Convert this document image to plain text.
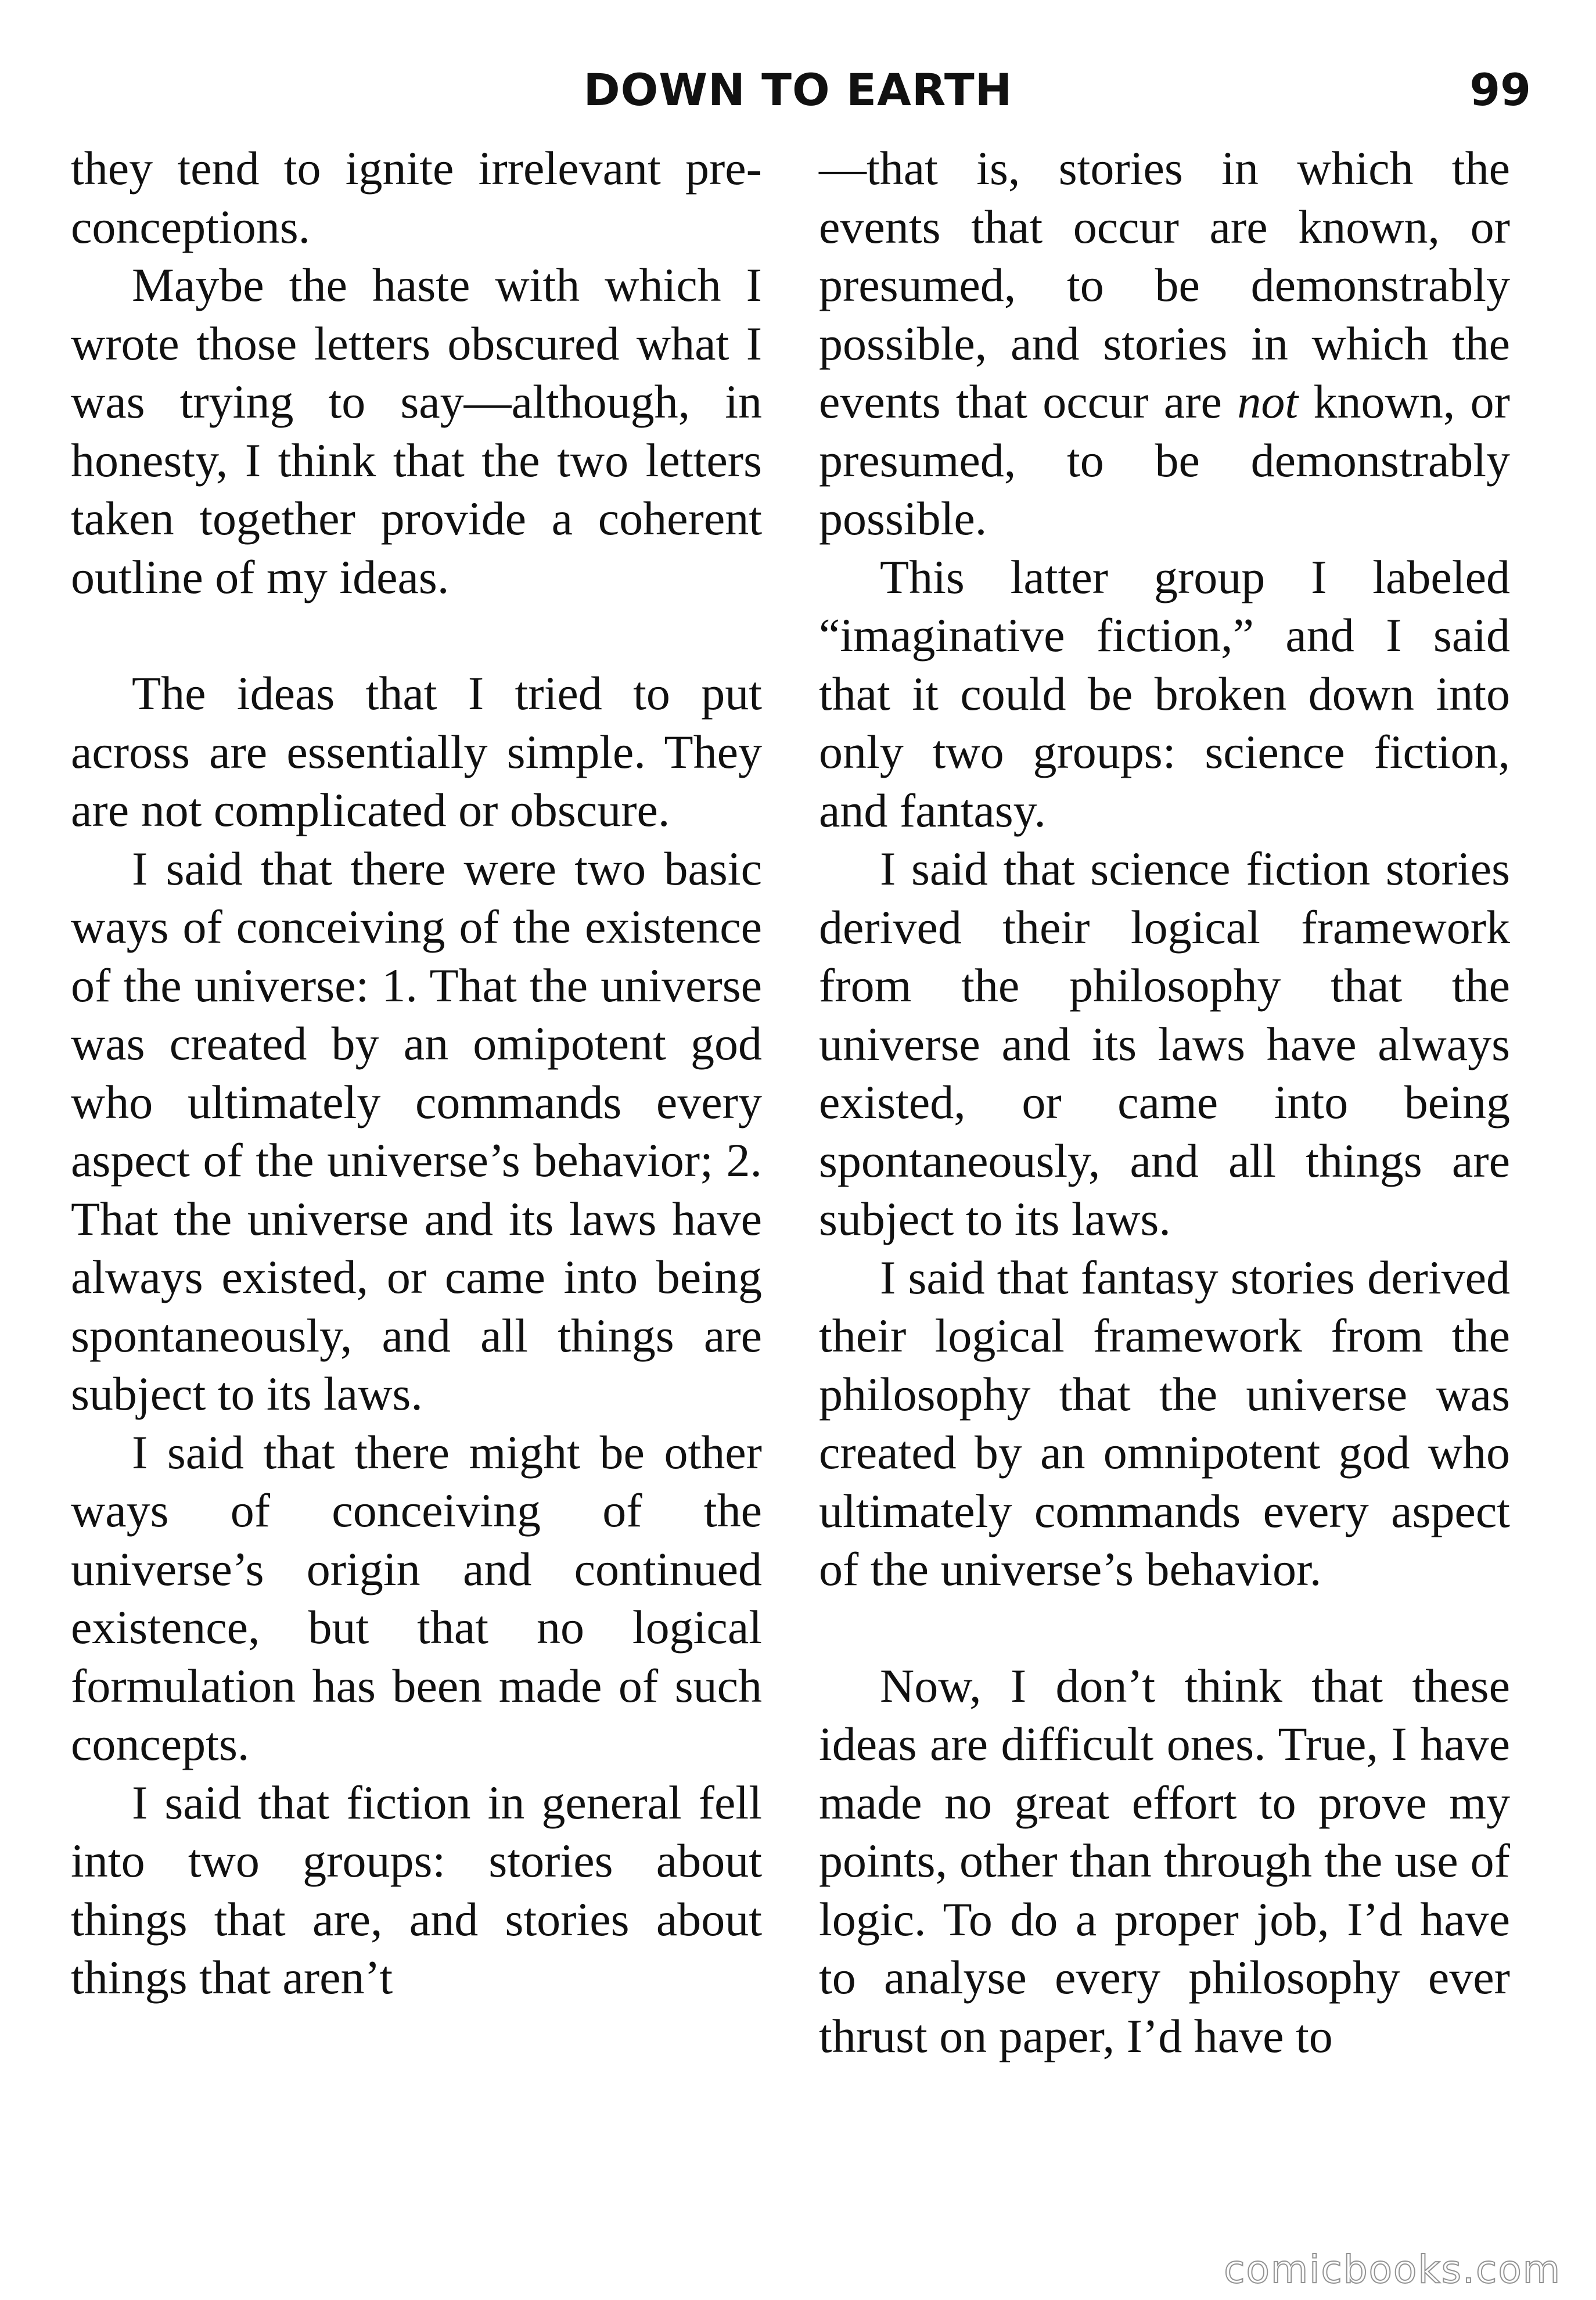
DOWN TO EARTH	99

they tend to ignite irrelevant pre-conceptions.

Maybe the haste with which I wrote those letters obscured what I was trying to say—although, in honesty, I think that the two letters taken together provide a coherent outline of my ideas.

The ideas that I tried to put across are essentially simple. They are not complicated or obscure.

I said that there were two basic ways of conceiving of the existence of the universe: 1. That the universe was created by an omipotent god who ultimately commands every aspect of the universe’s behavior; 2. That the universe and its laws have always existed, or came into being spontaneously, and all things are subject to its laws.

I said that there might be other ways of conceiving of the universe’s origin and continued existence, but that no logical formulation has been made of such concepts.

I said that fiction in general fell into two groups: stories about things that are, and stories about things that aren’t

—that is, stories in which the events that occur are known, or presumed, to be demonstrably possible, and stories in which the events that occur are not known, or presumed, to be demonstrably possible.

This latter group I labeled “imaginative fiction,” and I said that it could be broken down into only two groups: science fiction, and fantasy.

I said that science fiction stories derived their logical framework from the philosophy that the universe and its laws have always existed, or came into being spontaneously, and all things are subject to its laws.

I said that fantasy stories derived their logical framework from the philosophy that the universe was created by an omnipotent god who ultimately commands every aspect of the universe’s behavior.

Now, I don’t think that these ideas are difficult ones. True, I have made no great effort to prove my points, other than through the use of logic. To do a proper job, I’d have to analyse every philosophy ever thrust on paper, I’d have to

comicbooks.com
